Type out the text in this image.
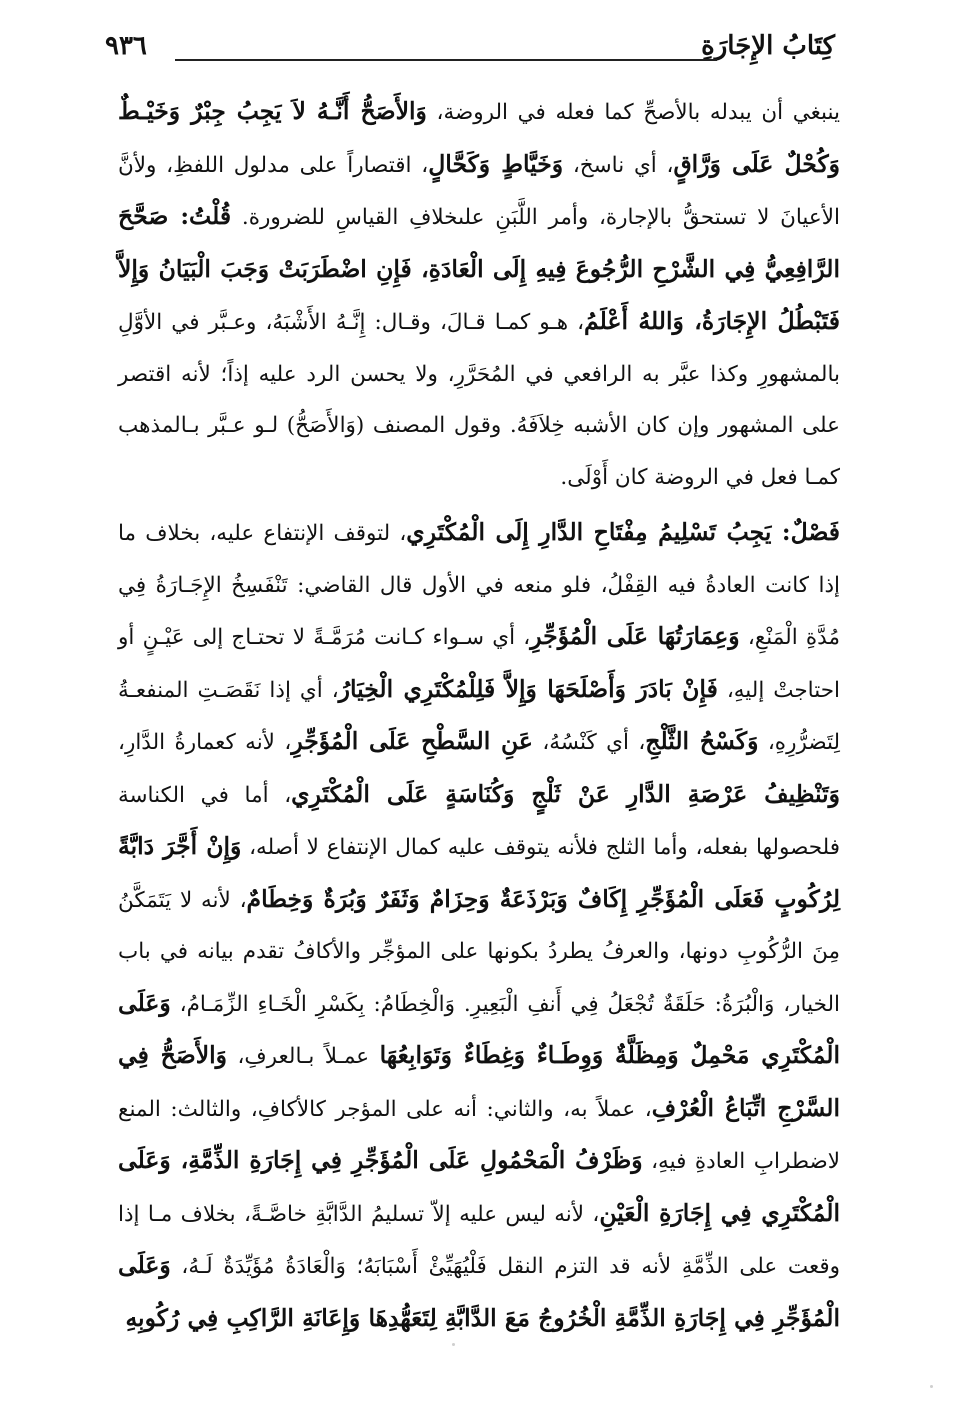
كِتَابُ الإِجَارَةِ
٩٣٦

ينبغي أن يبدله بالأصحِّ كما فعله في الروضة، وَالأَصَحُّ أَنَّـهُ لاَ يَجِبُ جِبْرٌ وَخَيْـطٌ وَكُحْلٌ عَلَى وَرَّاقٍ، أي ناسخ، وَخَيَّاطٍ وَكَحَّالٍ، اقتصاراً على مدلول اللفظِ، ولأنَّ الأعيانَ لا تستحقُّ بالإجارة، وأمر اللَّبَنِ علىخلافِ القياسِ للضرورة. قُلْتُ: صَحَّحَ الرَّافِعِيُّ فِي الشَّرْحِ الرُّجُوعَ فِيهِ إِلَى الْعَادَةِ، فَإِنِ اضْطَرَبَتْ وَجَبَ الْبَيَانُ وَإِلاَّ فَتَبْطُلُ الإِجَارَةُ، وَاللهُ أَعْلَمُ، هـو كمـا قـالَ، وقـال: إِنَّـهُ الأَشْبَهُ، وعـبَّر في الأوَّلِ بالمشهورِ وكذا عبَّر به الرافعي في المُحَرَّرِ، ولا يحسن الرد عليه إذاً؛ لأنه اقتصر على المشهور وإن كان الأشبه خِلاَفَهُ. وقول المصنف (وَالأَصَحُّ) لـو عـبَّر بـالمذهب كمـا فعل في الروضة كان أَوْلَى.

فَصْلٌ: يَجِبُ تَسْلِيمُ مِفْتَاحِ الدَّارِ إِلَى الْمُكْتَرِي، لتوقف الإنتفاع عليه، بخلاف ما إذا كانت العادةُ فيه القِفْلُ، فلو منعه في الأول قال القاضي: تَنْفَسِخُ الإِجَـارَةُ فِي مُدَّةِ الْمَنْعِ، وَعِمَارَتُهَا عَلَى الْمُؤَجِّرِ، أي سـواء كـانت مُرَمَّـةً لا تحتـاج إلى عَيْـنٍ أو احتاجتْ إليهِ، فَإِنْ بَادَرَ وَأَصْلَحَهَا وَإِلاَّ فَلِلْمُكْتَرِي الْخِيَارُ، أي إذا نَقَصَـتِ المنفعـةُ لِتَضرُّرِهِ، وَكَسْحُ الثَّلْجِ، أي كَنْسُهُ، عَنِ السَّطْحِ عَلَى الْمُؤَجِّرِ، لأنه كعمارةُ الدَّارِ، وَتَنْظِيفُ عَرْصَةِ الدَّارِ عَنْ ثَلْجٍ وَكُنَاسَةٍ عَلَى الْمُكْتَرِي، أما في الكناسة فلحصولها بفعله، وأما الثلج فلأنه يتوقف عليه كمال الإنتفاع لا أصله، وَإِنْ أَجَّرَ دَابَّةً لِرُكُوبٍ فَعَلَى الْمُؤَجِّرِ إِكَافٌ وَبَرْذَعَةٌ وَحِزَامٌ وَثَفَرٌ وَبُرَةٌ وَخِطَامٌ، لأنه لا يَتَمَكَّنُ مِنَ الرُّكُوبِ دونها، والعرفُ يطردُ بكونها على المؤجِّر والأكافُ تقدم بيانه في باب الخيار، وَالْبُرَةُ: حَلَقَةٌ تُجْعَلُ فِي أَنفِ الْبَعِيرِ. وَالْخِطَامُ: بِكَسْرِ الْخَـاءِ الزِّمَـامُ، وَعَلَى الْمُكْتَرِي مَحْمِلٌ وَمِظَلَّةٌ وَوِطَـاءٌ وَغِطَاءٌ وَتَوَابِعُهَا عمـلاً بـالعرفِ، وَالأَصَحُّ فِي السَّرْجِ اتِّبَاعُ الْعُرْفِ، عملاً به، والثاني: أنه على المؤجر كالأكافِ، والثالث: المنع لاضطرابِ العادةِ فيهِ، وَظَرْفُ الْمَحْمُولِ عَلَى الْمُؤَجِّرِ فِي إِجَارَةِ الذِّمَّةِ، وَعَلَى الْمُكْتَرِي فِي إِجَارَةِ الْعَيْنِ، لأنه ليس عليه إلاّ تسليمُ الدَّابَّةِ خاصَّـةً، بخلاف مـا إذا وقعت على الذِّمَّةِ لأنه قد التزم النقل فَلْيُهَيِّئْ أَسْبَابَهُ؛ وَالْعَادَةُ مُؤَيِّدَةٌ لَـهُ، وَعَلَى الْمُؤَجِّرِ فِي إِجَارَةِ الذِّمَّةِ الْخُرُوجُ مَعَ الدَّابَّةِ لِتَعَهُّدِهَا وَإِعَانَةِ الرَّاكِبِ فِي رُكُوبِهِ
